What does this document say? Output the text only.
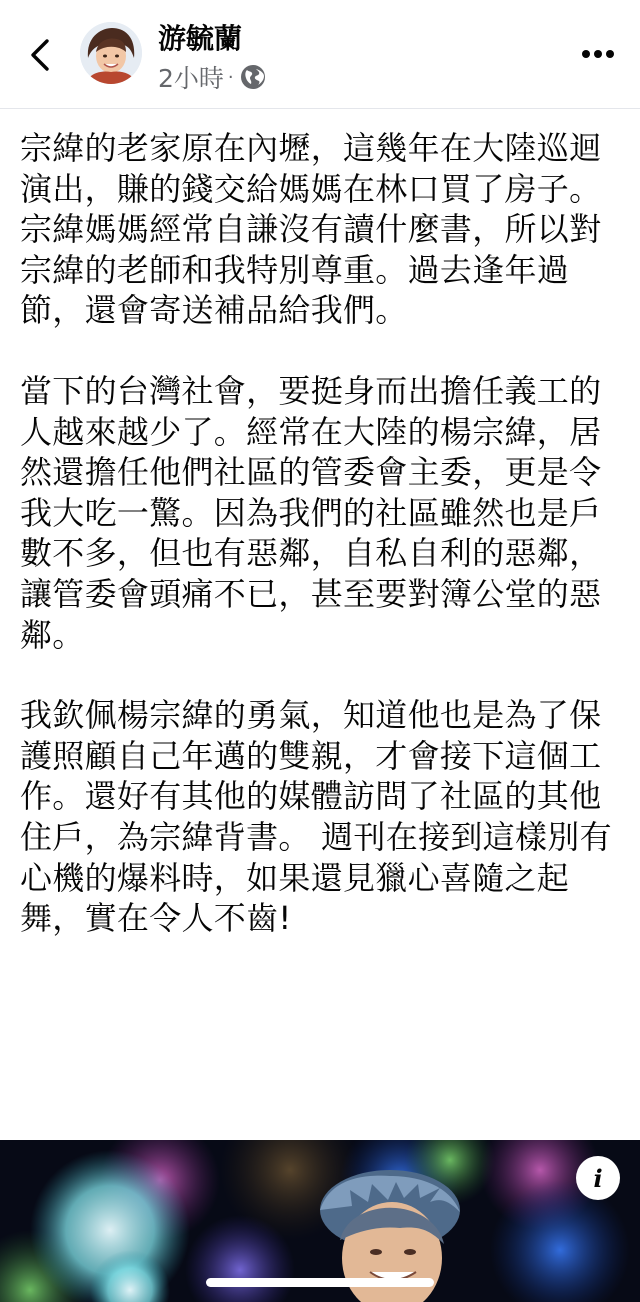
游毓蘭
2小時 ·

宗緯的老家原在內壢，這幾年在大陸巡迴演出，賺的錢交給媽媽在林口買了房子。宗緯媽媽經常自謙沒有讀什麼書，所以對宗緯的老師和我特別尊重。過去逢年過節，還會寄送補品給我們。

當下的台灣社會，要挺身而出擔任義工的人越來越少了。經常在大陸的楊宗緯，居然還擔任他們社區的管委會主委，更是令我大吃一驚。因為我們的社區雖然也是戶數不多，但也有惡鄰，自私自利的惡鄰，讓管委會頭痛不已，甚至要對簿公堂的惡鄰。

我欽佩楊宗緯的勇氣，知道他也是為了保護照顧自己年邁的雙親，才會接下這個工作。還好有其他的媒體訪問了社區的其他住戶，為宗緯背書。 週刊在接到這樣別有心機的爆料時，如果還見獵心喜隨之起舞，實在令人不齒!

i
